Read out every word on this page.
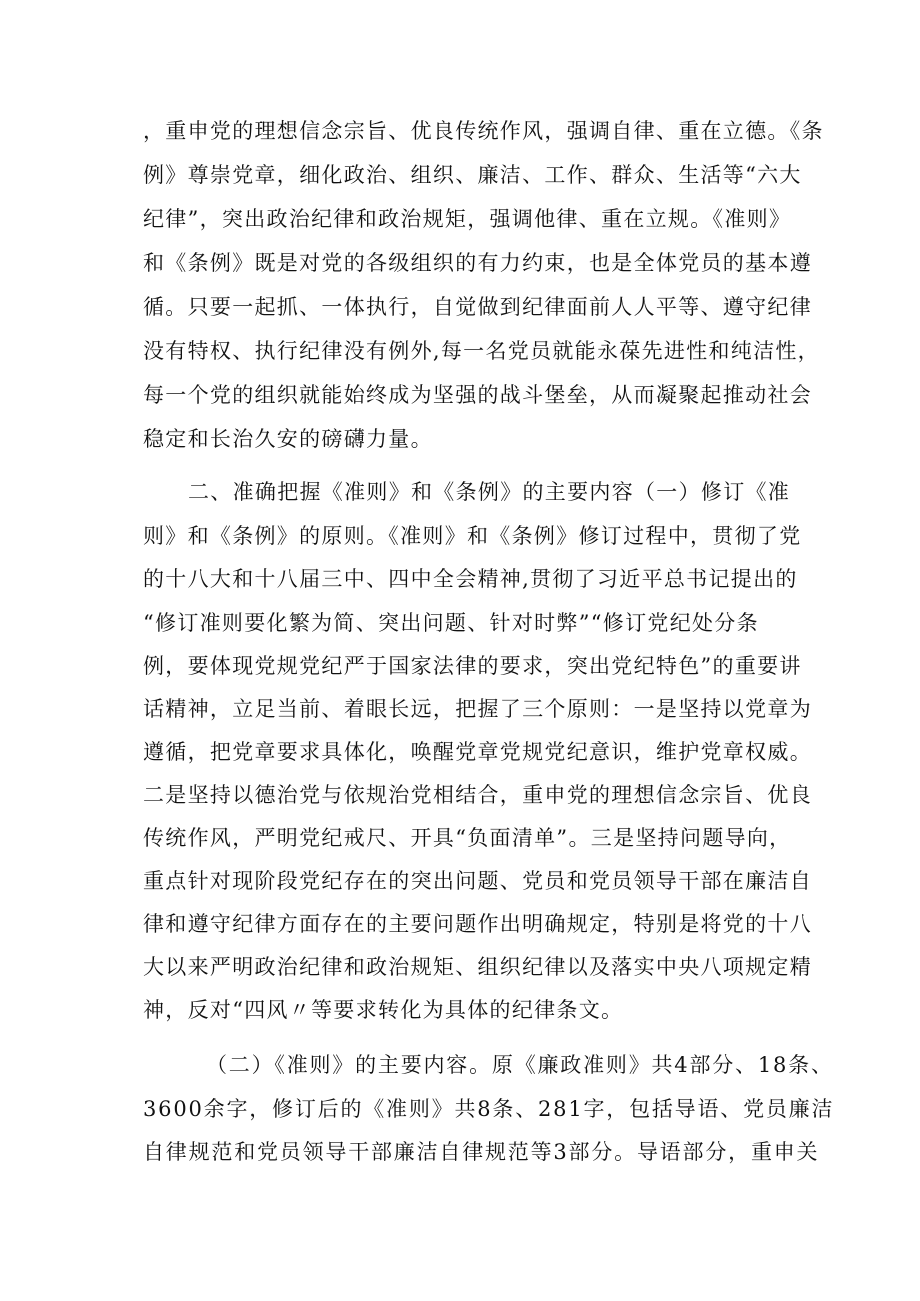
，重申党的理想信念宗旨、优良传统作风，强调自律、重在立德。《条
例》尊崇党章，细化政治、组织、廉洁、工作、群众、生活等“六大
纪律”，突出政治纪律和政治规矩，强调他律、重在立规。《准则》
和《条例》既是对党的各级组织的有力约束，也是全体党员的基本遵
循。只要一起抓、一体执行，自觉做到纪律面前人人平等、遵守纪律
没有特权、执行纪律没有例外,每一名党员就能永葆先进性和纯洁性，
每一个党的组织就能始终成为坚强的战斗堡垒，从而凝聚起推动社会
稳定和长治久安的磅礴力量。
二、准确把握《准则》和《条例》的主要内容（一）修订《准
则》和《条例》的原则。《准则》和《条例》修订过程中，贯彻了党
的十八大和十八届三中、四中全会精神,贯彻了习近平总书记提出的
“修订准则要化繁为简、突出问题、针对时弊”“修订党纪处分条
例，要体现党规党纪严于国家法律的要求，突出党纪特色”的重要讲
话精神，立足当前、着眼长远，把握了三个原则：一是坚持以党章为
遵循，把党章要求具体化，唤醒党章党规党纪意识，维护党章权威。
二是坚持以德治党与依规治党相结合，重申党的理想信念宗旨、优良
传统作风，严明党纪戒尺、开具“负面清单”。三是坚持问题导向，
重点针对现阶段党纪存在的突出问题、党员和党员领导干部在廉洁自
律和遵守纪律方面存在的主要问题作出明确规定，特别是将党的十八
大以来严明政治纪律和政治规矩、组织纪律以及落实中央八项规定精
神，反对“四风〃等要求转化为具体的纪律条文。
（二）《准则》的主要内容。原《廉政准则》共4部分、18条、
3600余字，修订后的《准则》共8条、281字，包括导语、党员廉洁
自律规范和党员领导干部廉洁自律规范等3部分。导语部分，重申关
